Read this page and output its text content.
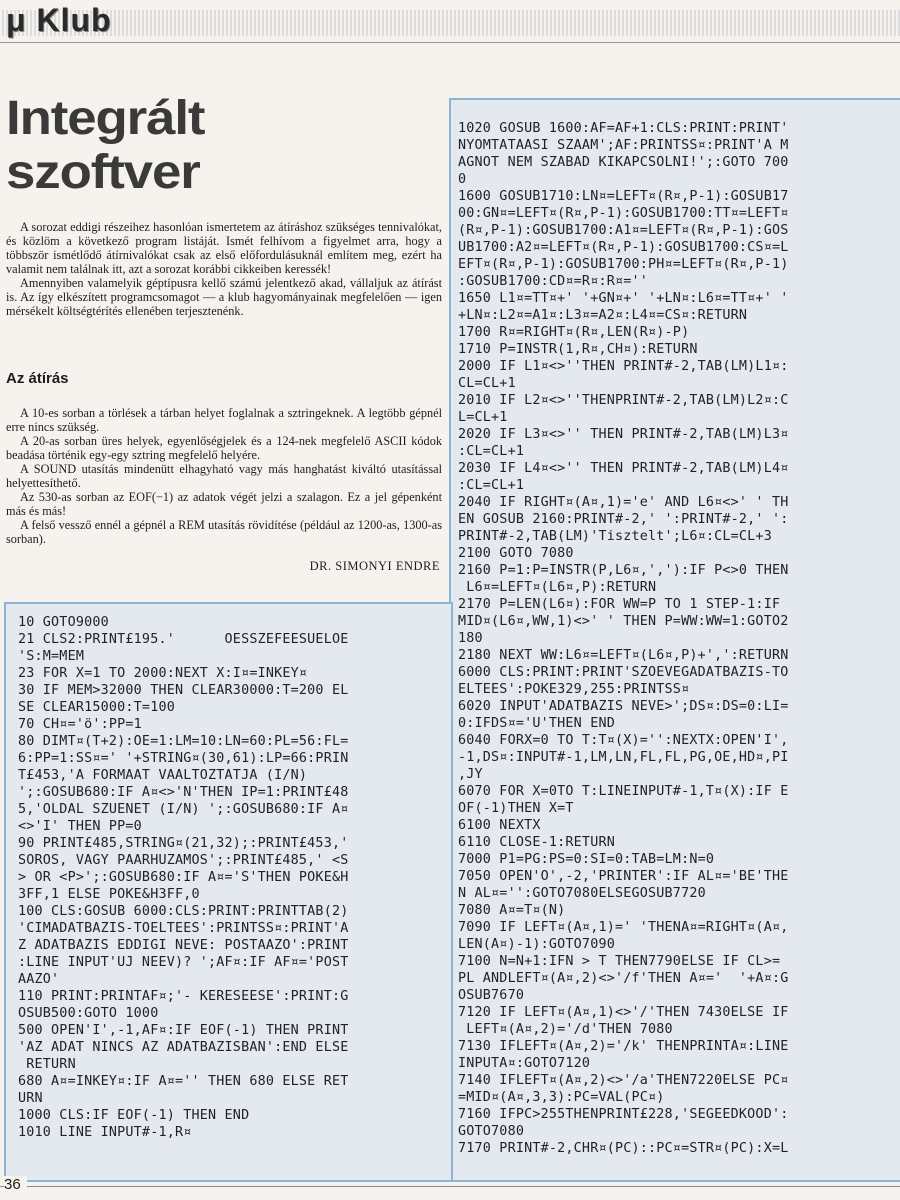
μ Klub
Integrált
szoftver

A sorozat eddigi részeihez hasonlóan ismertetem az átíráshoz szükséges tennivalókat, és közlöm a következő program listáját. Ismét felhívom a figyelmet arra, hogy a többször ismétlődő átírnivalókat csak az első előfordulásuknál említem meg, ezért ha valamit nem találnak itt, azt a sorozat korábbi cikkeiben keressék!

Amennyiben valamelyik géptípusra kellő számú jelentkező akad, vállaljuk az átírást is. Az így elkészített programcsomagot — a klub hagyományainak megfelelően — igen mérsékelt költségtérítés ellenében terjesztenénk.

Az átírás

A 10-es sorban a törlések a tárban helyet foglalnak a sztringeknek. A legtöbb gépnél erre nincs szükség.

A 20-as sorban üres helyek, egyenlőségjelek és a 124-nek megfelelő ASCII kódok beadása történik egy-egy sztring megfelelő helyére.

A SOUND utasítás mindenütt elhagyható vagy más hanghatást kiváltó utasítással helyettesíthető.

Az 530-as sorban az EOF(−1) az adatok végét jelzi a szalagon. Ez a jel gépenként más és más!

A felső vessző ennél a gépnél a REM utasítás rövidítése (például az 1200-as, 1300-as sorban).

DR. SIMONYI ENDRE
1020 GOSUB 1600:AF=AF+1:CLS:PRINT:PRINT'
NYOMTATAASI SZAAM';AF:PRINTSS¤:PRINT'A M
AGNOT NEM SZABAD KIKAPCSOLNI!';:GOTO 700
0
1600 GOSUB1710:LN¤=LEFT¤(R¤,P-1):GOSUB17
00:GN¤=LEFT¤(R¤,P-1):GOSUB1700:TT¤=LEFT¤
(R¤,P-1):GOSUB1700:A1¤=LEFT¤(R¤,P-1):GOS
UB1700:A2¤=LEFT¤(R¤,P-1):GOSUB1700:CS¤=L
EFT¤(R¤,P-1):GOSUB1700:PH¤=LEFT¤(R¤,P-1)
:GOSUB1700:CD¤=R¤:R¤=''
1650 L1¤=TT¤+' '+GN¤+' '+LN¤:L6¤=TT¤+' '
+LN¤:L2¤=A1¤:L3¤=A2¤:L4¤=CS¤:RETURN
1700 R¤=RIGHT¤(R¤,LEN(R¤)-P)
1710 P=INSTR(1,R¤,CH¤):RETURN
2000 IF L1¤<>''THEN PRINT#-2,TAB(LM)L1¤:
CL=CL+1
2010 IF L2¤<>''THENPRINT#-2,TAB(LM)L2¤:C
L=CL+1
2020 IF L3¤<>'' THEN PRINT#-2,TAB(LM)L3¤
:CL=CL+1
2030 IF L4¤<>'' THEN PRINT#-2,TAB(LM)L4¤
:CL=CL+1
2040 IF RIGHT¤(A¤,1)='e' AND L6¤<>' ' TH
EN GOSUB 2160:PRINT#-2,' ':PRINT#-2,' ':
PRINT#-2,TAB(LM)'Tisztelt';L6¤:CL=CL+3
2100 GOTO 7080
2160 P=1:P=INSTR(P,L6¤,','):IF P<>0 THEN
L6¤=LEFT¤(L6¤,P):RETURN
2170 P=LEN(L6¤):FOR WW=P TO 1 STEP-1:IF
MID¤(L6¤,WW,1)<>' ' THEN P=WW:WW=1:GOTO2
180
2180 NEXT WW:L6¤=LEFT¤(L6¤,P)+',':RETURN
6000 CLS:PRINT:PRINT'SZOEVEGADATBAZIS-TO
ELTEES':POKE329,255:PRINTSS¤
6020 INPUT'ADATBAZIS NEVE>';DS¤:DS=0:LI=
0:IFDS¤='U'THEN END
6040 FORX=0 TO T:T¤(X)='':NEXTX:OPEN'I',
-1,DS¤:INPUT#-1,LM,LN,FL,FL,PG,OE,HD¤,PI
,JY
6070 FOR X=0TO T:LINEINPUT#-1,T¤(X):IF E
OF(-1)THEN X=T
6100 NEXTX
6110 CLOSE-1:RETURN
7000 P1=PG:PS=0:SI=0:TAB=LM:N=0
7050 OPEN'O',-2,'PRINTER':IF AL¤='BE'THE
N AL¤='':GOTO7080ELSEGOSUB7720
7080 A¤=T¤(N)
7090 IF LEFT¤(A¤,1)=' 'THENA¤=RIGHT¤(A¤,
LEN(A¤)-1):GOTO7090
7100 N=N+1:IFN > T THEN7790ELSE IF CL>=
PL ANDLEFT¤(A¤,2)<>'/f'THEN A¤='  '+A¤:G
OSUB7670
7120 IF LEFT¤(A¤,1)<>'/'THEN 7430ELSE IF
LEFT¤(A¤,2)='/d'THEN 7080
7130 IFLEFT¤(A¤,2)='/k' THENPRINTA¤:LINE
INPUTA¤:GOTO7120
7140 IFLEFT¤(A¤,2)<>'/a'THEN7220ELSE PC¤
=MID¤(A¤,3,3):PC=VAL(PC¤)
7160 IFPC>255THENPRINT£228,'SEGEEDKOOD':
GOTO7080
7170 PRINT#-2,CHR¤(PC)::PC¤=STR¤(PC):X=L
10 GOTO9000
21 CLS2:PRINT£195.'      OESSZEFEESUELOE
'S:M=MEM
23 FOR X=1 TO 2000:NEXT X:I¤=INKEY¤
30 IF MEM>32000 THEN CLEAR30000:T=200 EL
SE CLEAR15000:T=100
70 CH¤='ö':PP=1
80 DIMT¤(T+2):OE=1:LM=10:LN=60:PL=56:FL=
6:PP=1:SS¤=' '+STRING¤(30,61):LP=66:PRIN
T£453,'A FORMAAT VAALTOZTATJA (I/N)
';:GOSUB680:IF A¤<>'N'THEN IP=1:PRINT£48
5,'OLDAL SZUENET (I/N) ';:GOSUB680:IF A¤
<>'I' THEN PP=0
90 PRINT£485,STRING¤(21,32);:PRINT£453,'
SOROS, VAGY PAARHUZAMOS';:PRINT£485,' <S
> OR <P>';:GOSUB680:IF A¤='S'THEN POKE&H
3FF,1 ELSE POKE&H3FF,0
100 CLS:GOSUB 6000:CLS:PRINT:PRINTTAB(2)
'CIMADATBAZIS-TOELTEES':PRINTSS¤:PRINT'A
Z ADATBAZIS EDDIGI NEVE: POSTAAZO':PRINT
:LINE INPUT'UJ NEEV)? ';AF¤:IF AF¤='POST
AAZO'
110 PRINT:PRINTAF¤;'- KERESEESE':PRINT:G
OSUB500:GOTO 1000
500 OPEN'I',-1,AF¤:IF EOF(-1) THEN PRINT
'AZ ADAT NINCS AZ ADATBAZISBAN':END ELSE
RETURN
680 A¤=INKEY¤:IF A¤='' THEN 680 ELSE RET
URN
1000 CLS:IF EOF(-1) THEN END
1010 LINE INPUT#-1,R¤
36
